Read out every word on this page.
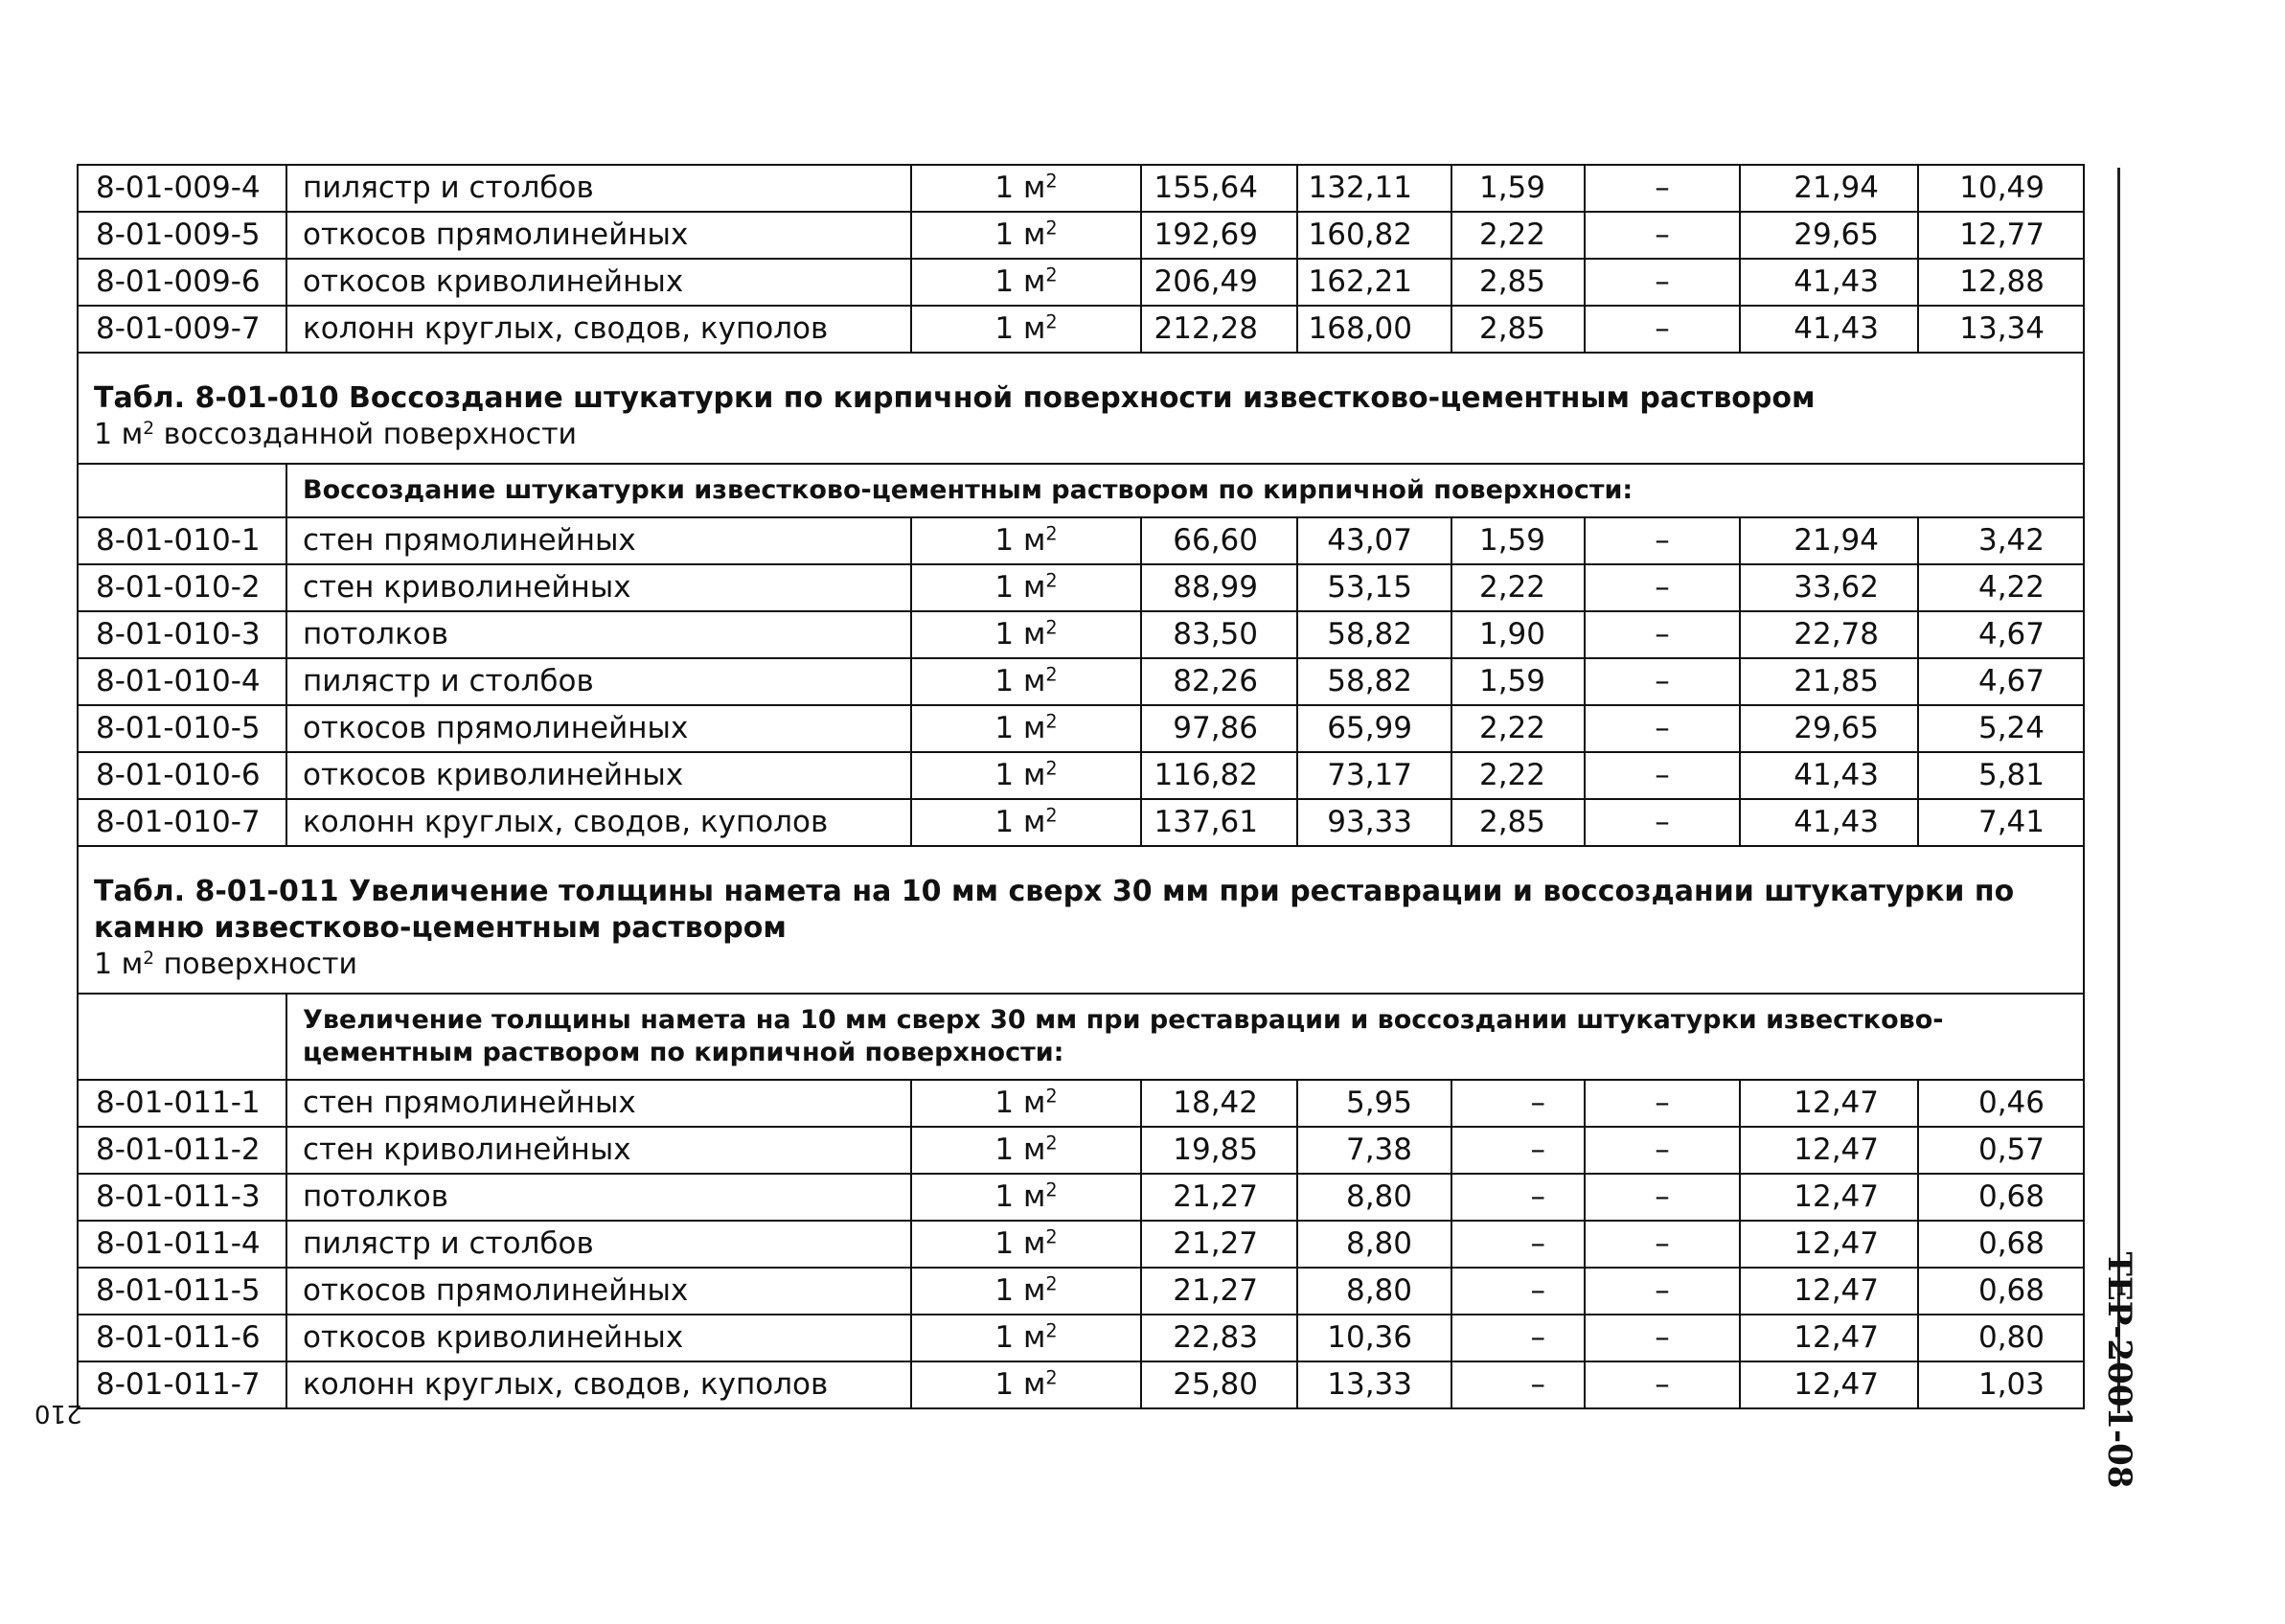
8-01-009-4	пилястр и столбов	1 $м^2$	155,64	132,11	1,59	–	21,94	10,49
8-01-009-5	откосов прямолинейных	1 $м^2$	192,69	160,82	2,22	–	29,65	12,77
8-01-009-6	откосов криволинейных	1 $м^2$	206,49	162,21	2,85	–	41,43	12,88
8-01-009-7	колонн круглых, сводов, куполов	1 $м^2$	212,28	168,00	2,85	–	41,43	13,34

Табл. 8-01-010 Воссоздание штукатурки по кирпичной поверхности известково-цементным раствором
1 $м^2$ воссозданной поверхности								

	Воссоздание штукатурки известково-цементным раствором по кирпичной поверхности:							
8-01-010-1	стен прямолинейных	1 $м^2$	66,60	43,07	1,59	–	21,94	3,42
8-01-010-2	стен криволинейных	1 $м^2$	88,99	53,15	2,22	–	33,62	4,22
8-01-010-3	потолков	1 $м^2$	83,50	58,82	1,90	–	22,78	4,67
8-01-010-4	пилястр и столбов	1 $м^2$	82,26	58,82	1,59	–	21,85	4,67
8-01-010-5	откосов прямолинейных	1 $м^2$	97,86	65,99	2,22	–	29,65	5,24
8-01-010-6	откосов криволинейных	1 $м^2$	116,82	73,17	2,22	–	41,43	5,81
8-01-010-7	колонн круглых, сводов, куполов	1 $м^2$	137,61	93,33	2,85	–	41,43	7,41

Табл. 8-01-011 Увеличение толщины намета на 10 мм сверх 30 мм при реставрации и воссоздании штукатурки по камню известково-цементным раствором
1 $м^2$ поверхности								

	Увеличение толщины намета на 10 мм сверх 30 мм при реставрации и воссоздании штукатурки известково-цементным раствором по кирпичной поверхности:							
8-01-011-1	стен прямолинейных	1 $м^2$	18,42	5,95	–	–	12,47	0,46
8-01-011-2	стен криволинейных	1 $м^2$	19,85	7,38	–	–	12,47	0,57
8-01-011-3	потолков	1 $м^2$	21,27	8,80	–	–	12,47	0,68
8-01-011-4	пилястр и столбов	1 $м^2$	21,27	8,80	–	–	12,47	0,68
8-01-011-5	откосов прямолинейных	1 $м^2$	21,27	8,80	–	–	12,47	0,68
8-01-011-6	откосов криволинейных	1 $м^2$	22,83	10,36	–	–	12,47	0,80
8-01-011-7	колонн круглых, сводов, куполов	1 $м^2$	25,80	13,33	–	–	12,47	1,03 ТЕР-2001-08
210
